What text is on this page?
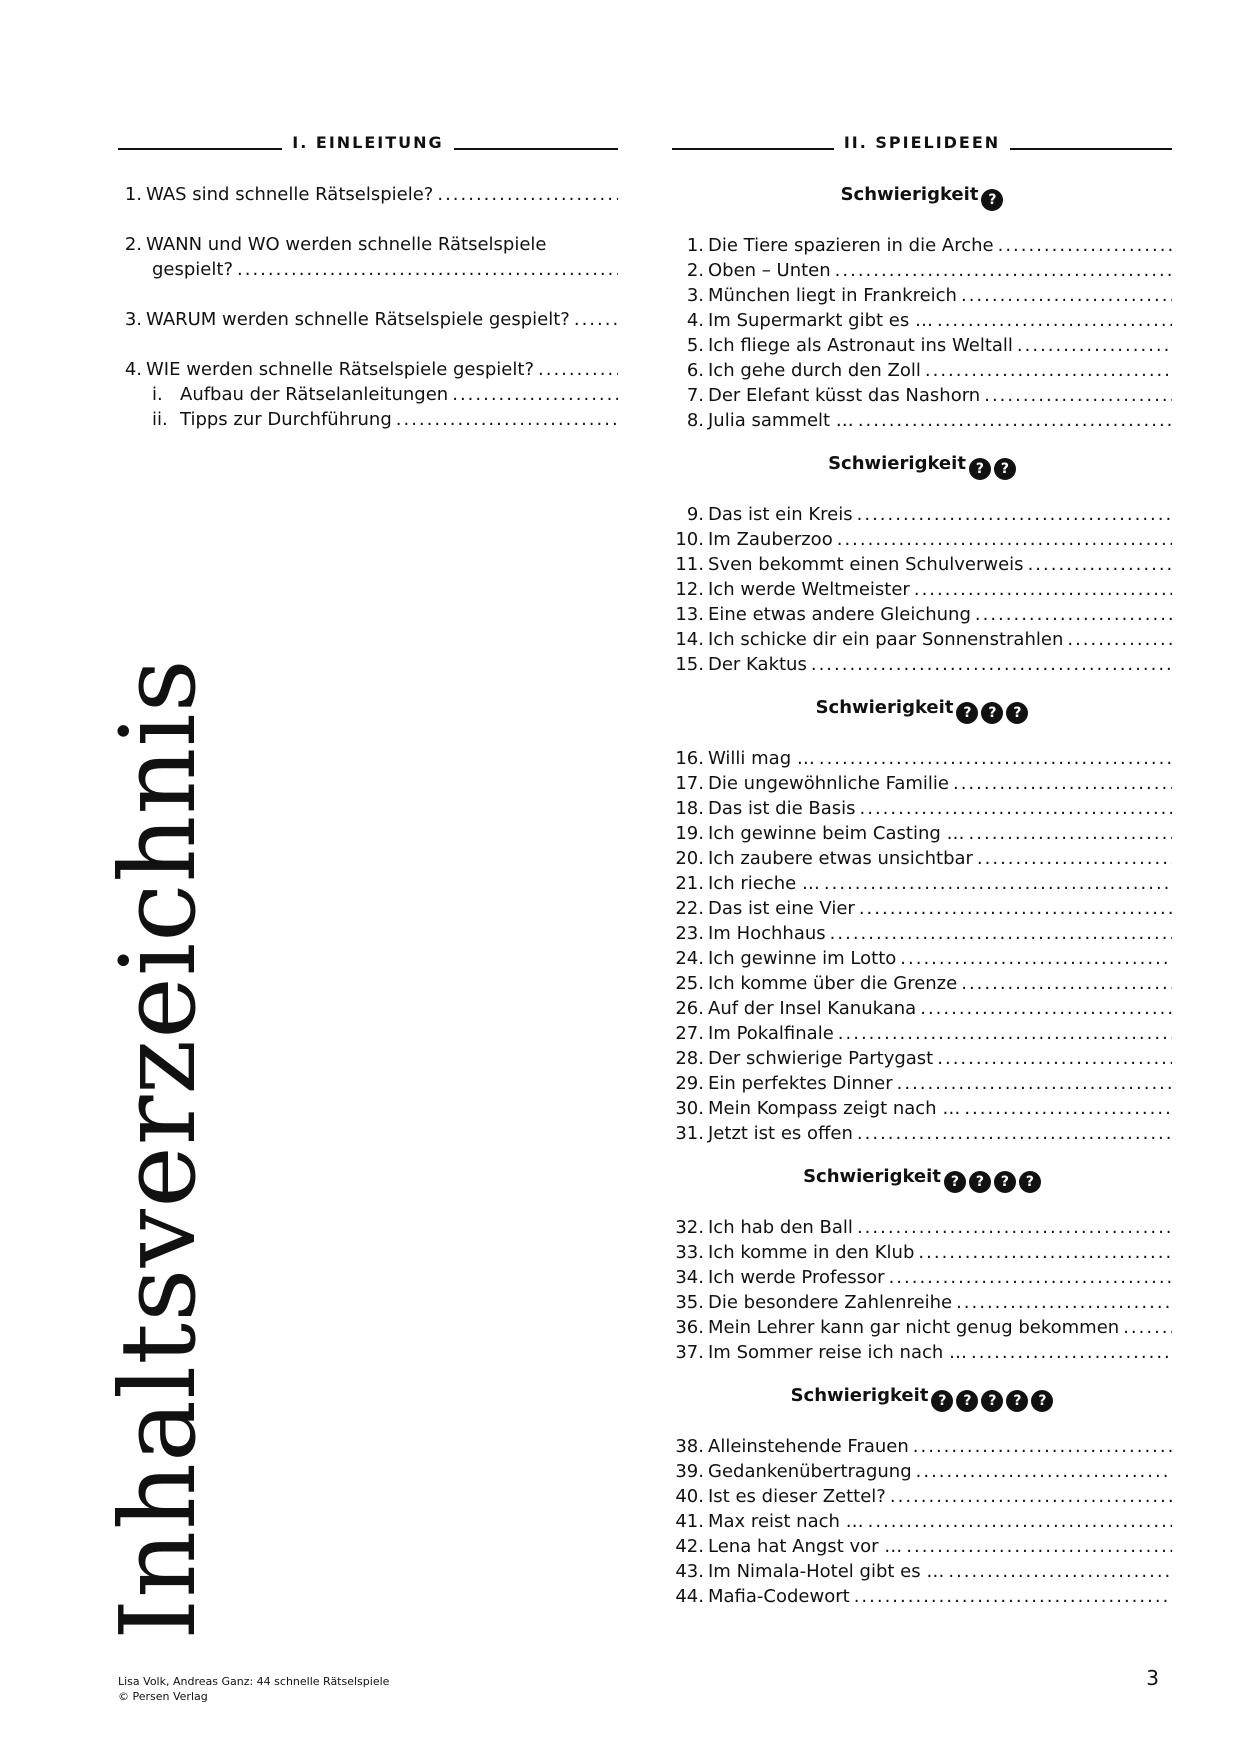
Inhaltsverzeichnis
I. EINLEITUNG
1. WAS sind schnelle Rätselspiele?
.....
2. WANN und WO werden schnelle Rätselspiele
gespielt?
.....
3. WARUM werden schnelle Rätselspiele gespielt?
.....
4. WIE werden schnelle Rätselspiele gespielt?
.....
i. Aufbau der Rätselanleitungen
.....
ii. Tipps zur Durchführung
.....
II. SPIELIDEEN
Schwierigkeit ?
1. Die Tiere spazieren in die Arche
.....
2. Oben – Unten
.....
3. München liegt in Frankreich
.....
4. Im Supermarkt gibt es …
.....
5. Ich fliege als Astronaut ins Weltall
.....
6. Ich gehe durch den Zoll
.....
7. Der Elefant küsst das Nashorn
.....
8. Julia sammelt …
.....
Schwierigkeit ? ?
9. Das ist ein Kreis
.....
10. Im Zauberzoo
.....
11. Sven bekommt einen Schulverweis
.....
12. Ich werde Weltmeister
.....
13. Eine etwas andere Gleichung
.....
14. Ich schicke dir ein paar Sonnenstrahlen
.....
15. Der Kaktus
.....
Schwierigkeit ? ? ?
16. Willi mag …
.....
17. Die ungewöhnliche Familie
.....
18. Das ist die Basis
.....
19. Ich gewinne beim Casting …
.....
20. Ich zaubere etwas unsichtbar
.....
21. Ich rieche …
.....
22. Das ist eine Vier
.....
23. Im Hochhaus
.....
24. Ich gewinne im Lotto
.....
25. Ich komme über die Grenze
.....
26. Auf der Insel Kanukana
.....
27. Im Pokalfinale
.....
28. Der schwierige Partygast
.....
29. Ein perfektes Dinner
.....
30. Mein Kompass zeigt nach …
.....
31. Jetzt ist es offen
.....
Schwierigkeit ? ? ? ?
32. Ich hab den Ball
.....
33. Ich komme in den Klub
.....
34. Ich werde Professor
.....
35. Die besondere Zahlenreihe
.....
36. Mein Lehrer kann gar nicht genug bekommen
.....
37. Im Sommer reise ich nach …
.....
Schwierigkeit ? ? ? ? ?
38. Alleinstehende Frauen
.....
39. Gedankenübertragung
.....
40. Ist es dieser Zettel?
.....
41. Max reist nach …
.....
42. Lena hat Angst vor …
.....
43. Im Nimala-Hotel gibt es …
.....
44. Mafia-Codewort
.....
Lisa Volk, Andreas Ganz: 44 schnelle Rätselspiele
© Persen Verlag
3
